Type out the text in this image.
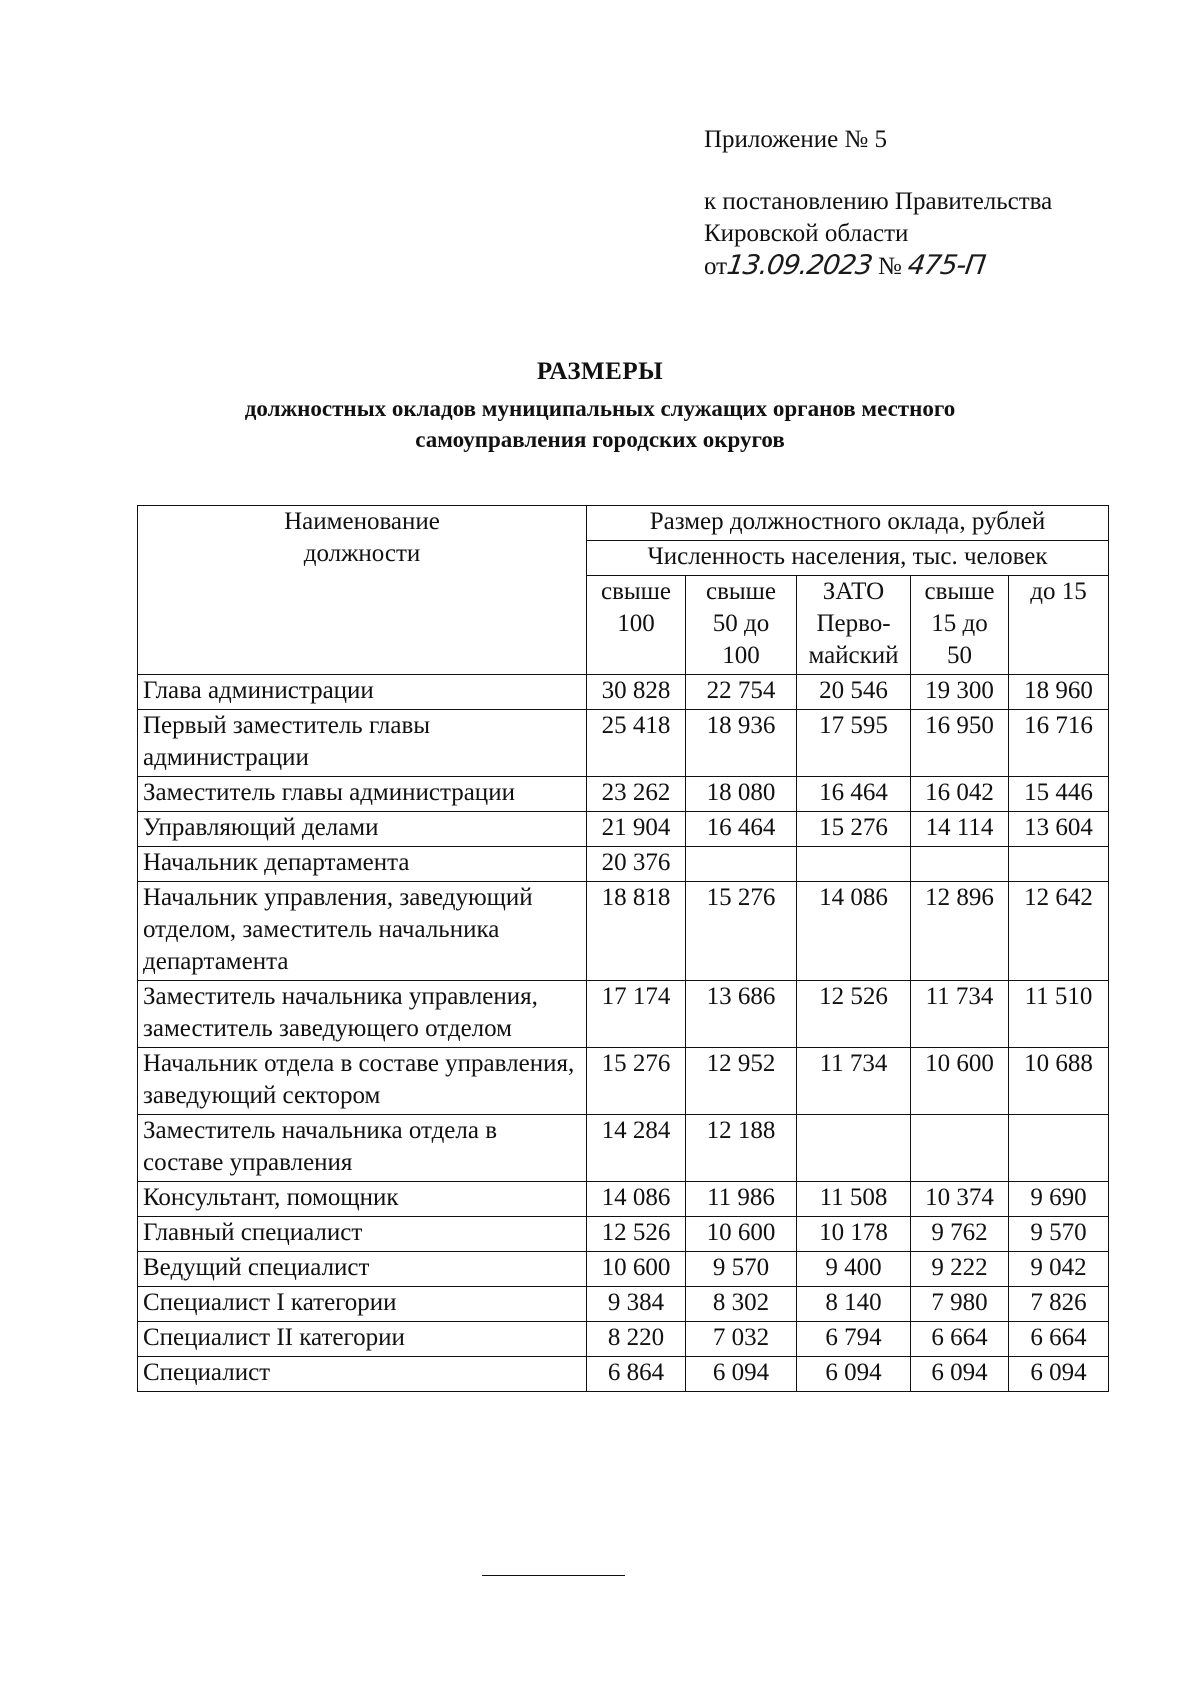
Приложение № 5
к постановлению Правительства
Кировской области
от13.09.2023 № 475-П
РАЗМЕРЫ
должностных окладов муниципальных служащих органов местного
самоуправления городских округов
Наименование должности	Размер должностного оклада, рублей				
	Численность населения, тыс. человек				
	свыше 100	свыше 50 до 100	ЗАТО Перво-майский	свыше 15 до 50	до 15
Глава администрации	30 828	22 754	20 546	19 300	18 960
Первый заместитель главы администрации	25 418	18 936	17 595	16 950	16 716
Заместитель главы администрации	23 262	18 080	16 464	16 042	15 446
Управляющий делами	21 904	16 464	15 276	14 114	13 604
Начальник департамента	20 376				
Начальник управления, заведующий отделом, заместитель начальника департамента	18 818	15 276	14 086	12 896	12 642
Заместитель начальника управления, заместитель заведующего отделом	17 174	13 686	12 526	11 734	11 510
Начальник отдела в составе управления, заведующий сектором	15 276	12 952	11 734	10 600	10 688
Заместитель начальника отдела в составе управления	14 284	12 188			
Консультант, помощник	14 086	11 986	11 508	10 374	9 690
Главный специалист	12 526	10 600	10 178	9 762	9 570
Ведущий специалист	10 600	9 570	9 400	9 222	9 042
Специалист I категории	9 384	8 302	8 140	7 980	7 826
Специалист II категории	8 220	7 032	6 794	6 664	6 664
Специалист	6 864	6 094	6 094	6 094	6 094
